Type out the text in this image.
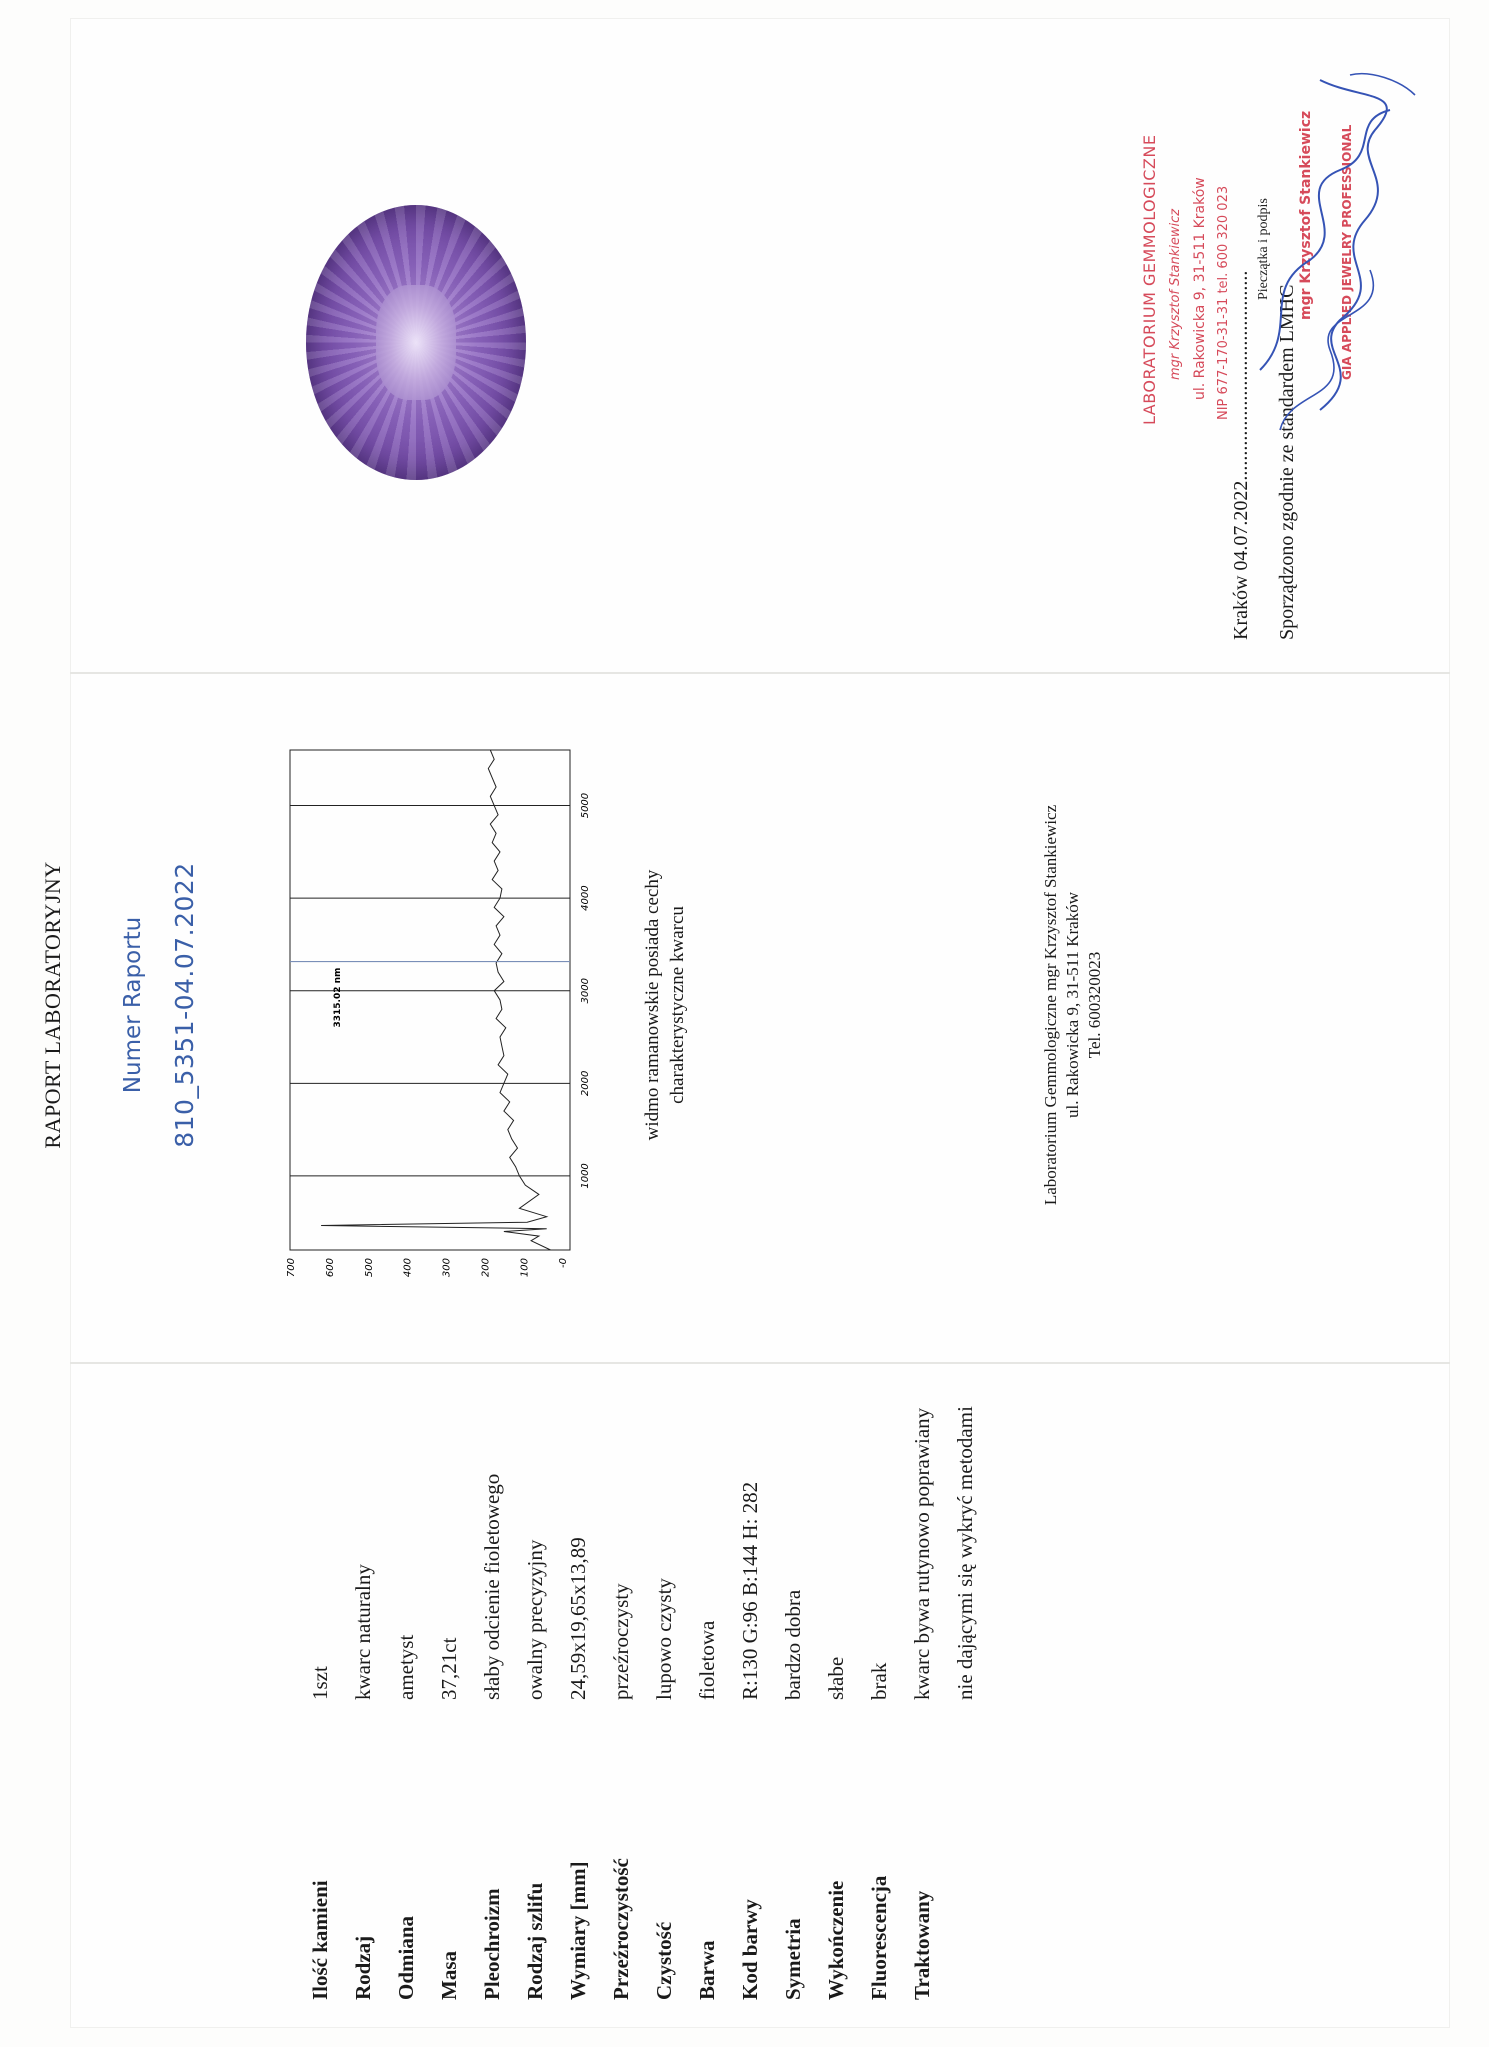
Ilość kamieni
1szt
Rodzaj
kwarc naturalny
Odmiana
ametyst
Masa
37,21ct
Pleochroizm
słaby odcienie fioletowego
Rodzaj szlifu
owalny precyzyjny
Wymiary [mm]
24,59x19,65x13,89
Przeźroczystość
przeźroczysty
Czystość
lupowo czysty
Barwa
fioletowa
Kod barwy
R:130 G:96 B:144 H: 282
Symetria
bardzo dobra
Wykończenie
słabe
Fluorescencja
brak
Traktowany
kwarc bywa rutynowo poprawiany nie dającymi się wykryć metodami
RAPORT LABORATORYJNY Numer Raportu 810_5351-04.07.2022
1000
2000
3000
4000
5000
-0
100
200
300
400
500
600
700
3315.02 nm	widmo ramanowskie posiada cechy charakterystyczne kwarcu	Laboratorium Gemmologiczne mgr Krzysztof Stankiewicz ul. Rakowicka 9, 31-511 Kraków Tel. 600320023
Kraków 04.07.2022.......................................... Sporządzono zgodnie ze standardem LMHC
LABORATORIUM GEMMOLOGICZNE mgr Krzysztof Stankiewicz ul. Rakowicka 9, 31-511 Kraków NIP 677-170-31-31 tel. 600 320 023 Pieczątka i podpis mgr Krzysztof Stankiewicz GIA APPLIED JEWELRY PROFESSIONAL
